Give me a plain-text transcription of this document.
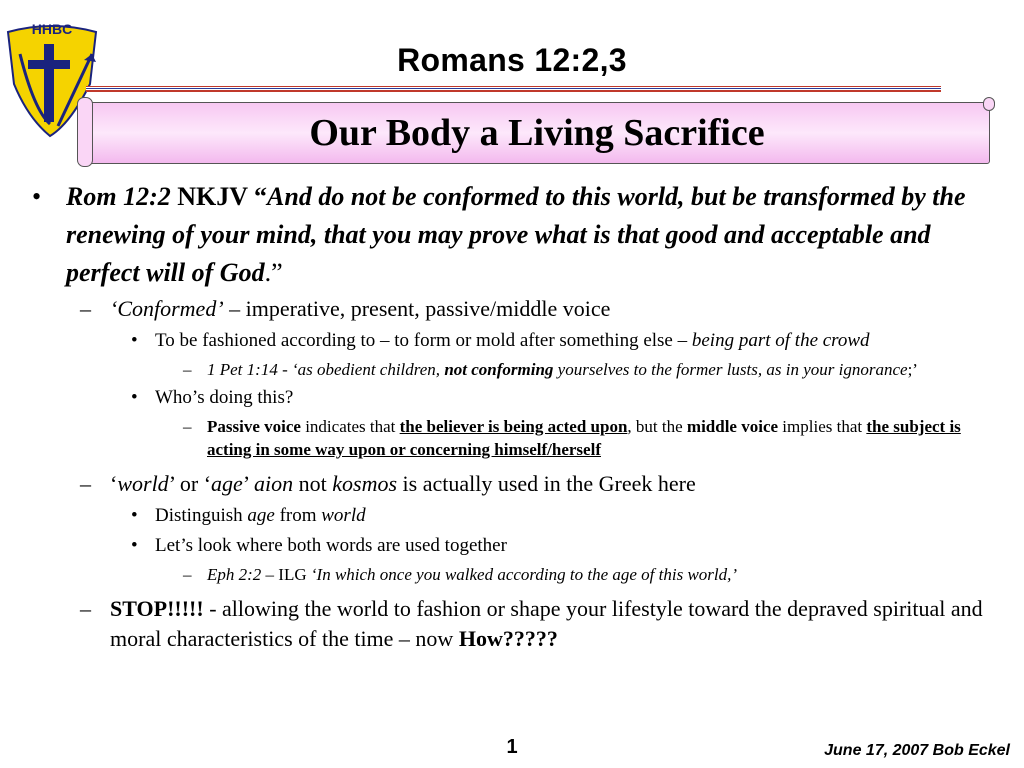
HHBC
Romans 12:2,3
Our Body a Living Sacrifice
• Rom 12:2 NKJV “And do not be conformed to this world, but be transformed by the renewing of your mind, that you may prove what is that good and acceptable and perfect will of God.”
– ‘Conformed’ – imperative, present, passive/middle voice
• To be fashioned according to – to form or mold after something else – being part of the crowd
– 1 Pet 1:14 - ‘as obedient children, not conforming yourselves to the former lusts, as in your ignorance;’
• Who’s doing this?
– Passive voice indicates that the believer is being acted upon, but the middle voice implies that the subject is acting in some way upon or concerning himself/herself
– ‘world’ or ‘age’ aion not kosmos is actually used in the Greek here
• Distinguish age from world
• Let’s look where both words are used together
– Eph 2:2 – ILG ‘In which once you walked according to the age of this world,’
– STOP!!!!! - allowing the world to fashion or shape your lifestyle toward the depraved spiritual and moral characteristics of the time – now How?????
1	June 17, 2007 Bob Eckel
